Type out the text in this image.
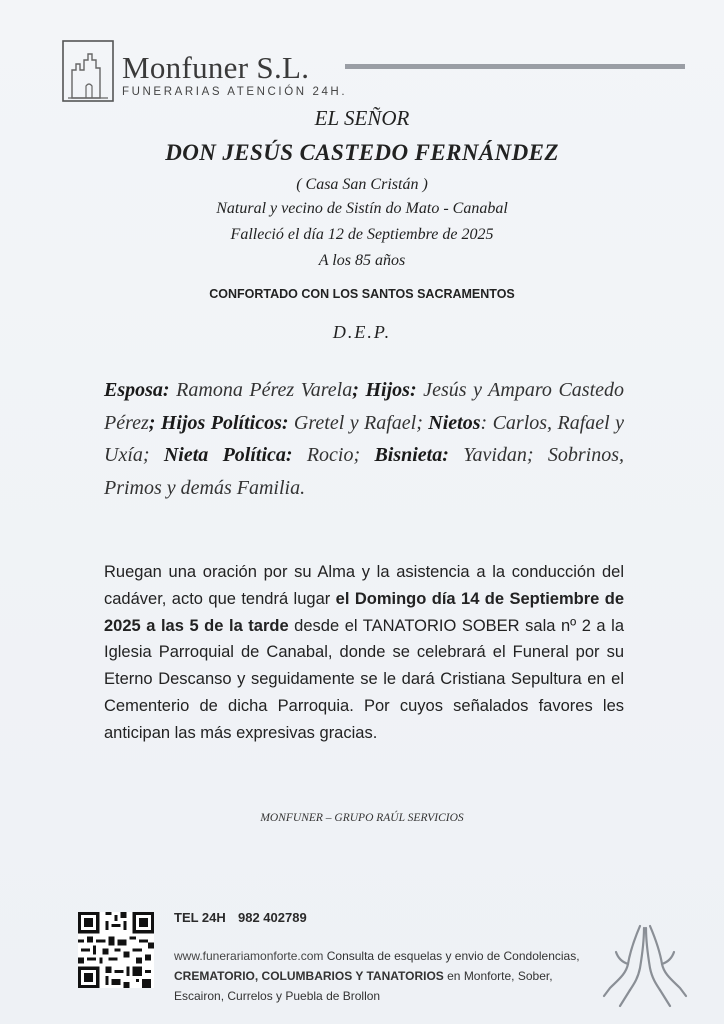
Monfuner S.L.
FUNERARIAS ATENCIÓN 24H.
EL SEÑOR
DON JESÚS CASTEDO FERNÁNDEZ
( Casa San Cristán )
Natural y vecino de Sistín do Mato - Canabal
Falleció el día 12 de Septiembre de 2025
A los 85 años
CONFORTADO CON LOS SANTOS SACRAMENTOS
D.E.P.
Esposa: Ramona Pérez Varela; Hijos: Jesús y Amparo Castedo Pérez; Hijos Políticos: Gretel y Rafael; Nietos: Carlos, Rafael y Uxía; Nieta Política: Rocio; Bisnieta: Yavidan; Sobrinos, Primos y demás Familia.
Ruegan una oración por su Alma y la asistencia a la conducción del cadáver, acto que tendrá lugar el Domingo día 14 de Septiembre de 2025 a las 5 de la tarde desde el TANATORIO SOBER sala nº 2 a la Iglesia Parroquial de Canabal, donde se celebrará el Funeral por su Eterno Descanso y seguidamente se le dará Cristiana Sepultura en el Cementerio de dicha Parroquia. Por cuyos señalados favores les anticipan las más expresivas gracias.
MONFUNER – GRUPO RAÚL SERVICIOS
TEL 24H 982 402789
www.funerariamonforte.com Consulta de esquelas y envio de Condolencias, CREMATORIO, COLUMBARIOS Y TANATORIOS en Monforte, Sober, Escairon, Currelos y Puebla de Brollon
